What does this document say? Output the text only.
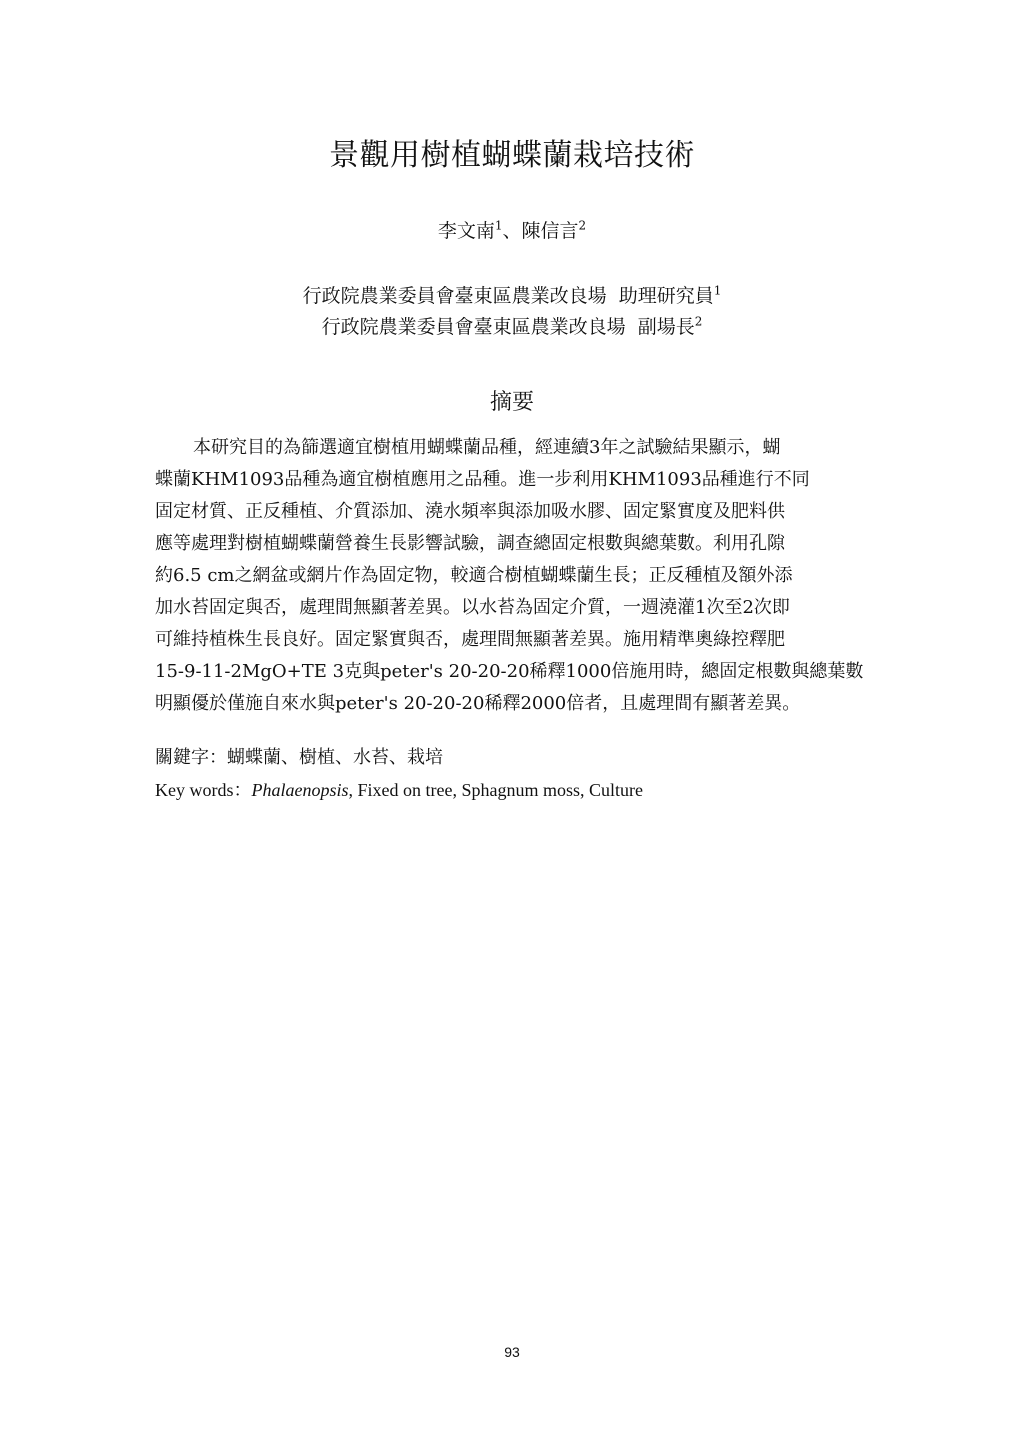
景觀用樹植蝴蝶蘭栽培技術
李文南$^1$、陳信言$^2$
行政院農業委員會臺東區農業改良場  助理研究員$^1$
行政院農業委員會臺東區農業改良場  副場長$^2$
摘要
本研究目的為篩選適宜樹植用蝴蝶蘭品種，經連續3年之試驗結果顯示，蝴
蝶蘭KHM1093品種為適宜樹植應用之品種。進一步利用KHM1093品種進行不同
固定材質、正反種植、介質添加、澆水頻率與添加吸水膠、固定緊實度及肥料供
應等處理對樹植蝴蝶蘭營養生長影響試驗，調查總固定根數與總葉數。利用孔隙
約6.5 cm之網盆或網片作為固定物，較適合樹植蝴蝶蘭生長；正反種植及額外添
加水苔固定與否，處理間無顯著差異。以水苔為固定介質，一週澆灌1次至2次即
可維持植株生長良好。固定緊實與否，處理間無顯著差異。施用精準奧綠控釋肥
15-9-11-2MgO+TE 3克與peter's 20-20-20稀釋1000倍施用時，總固定根數與總葉數
明顯優於僅施自來水與peter's 20-20-20稀釋2000倍者，且處理間有顯著差異。
關鍵字：蝴蝶蘭、樹植、水苔、栽培
Key words：Phalaenopsis, Fixed on tree, Sphagnum moss, Culture
93
